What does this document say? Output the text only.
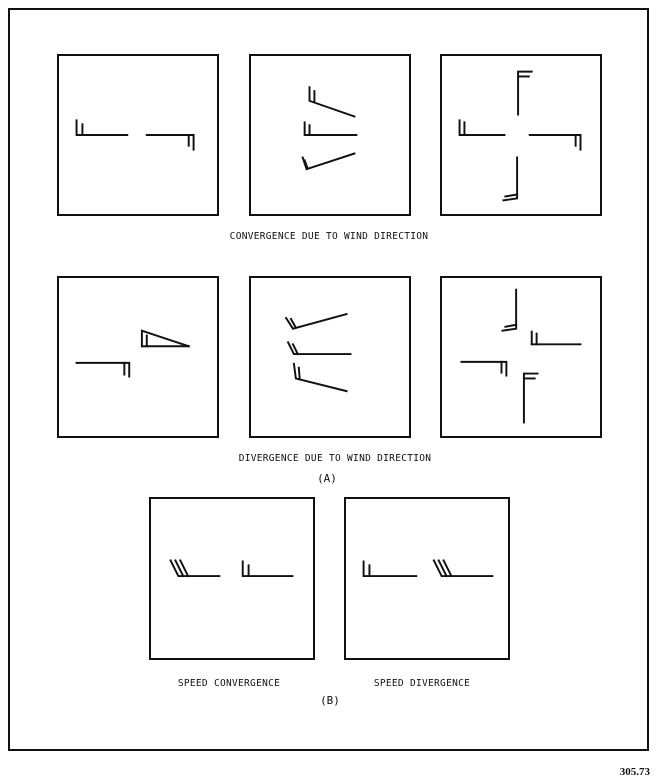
CONVERGENCE DUE TO WIND DIRECTION
DIVERGENCE DUE TO WIND DIRECTION
(A)
SPEED CONVERGENCE	SPEED DIVERGENCE
(B)
305.73
